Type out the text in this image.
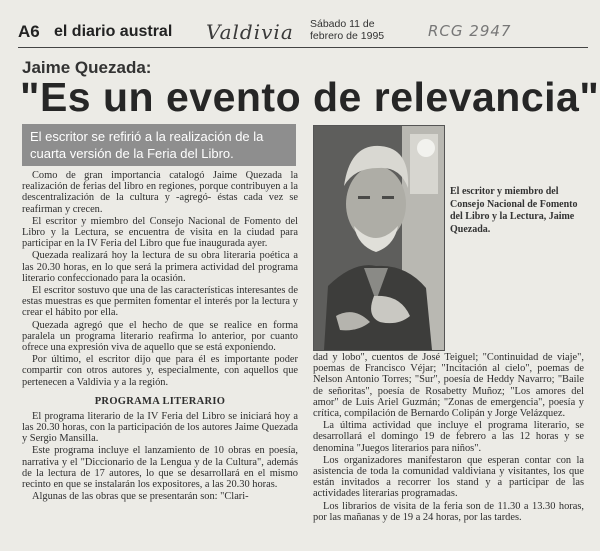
A6 el diario austral Valdivia Sábado 11 de
febrero de 1995	RCG 2947
Jaime Quezada:
"Es un evento de relevancia"
El escritor se refirió a la realización de la cuarta versión de la Feria del Libro.
El escritor y miembro del Consejo Nacional de Fomento del Libro y la Lectura, Jaime Quezada.

Como de gran importancia catalogó Jaime Quezada la realización de ferias del libro en regiones, porque contribuyen a la descentralización de la cultura y -agregó- éstas cada vez se reafirman y crecen.

El escritor y miembro del Consejo Nacional de Fomento del Libro y la Lectura, se encuentra de visita en la ciudad para participar en la IV Feria del Libro que fue inaugurada ayer.

Quezada realizará hoy la lectura de su obra literaria poética a las 20.30 horas, en lo que será la primera actividad del programa literario confeccionado para la ocasión.

El escritor sostuvo que una de las características interesantes de estas muestras es que permiten fomentar el interés por la lectura y crear el hábito por ella.

Quezada agregó que el hecho de que se realice en forma paralela un programa literario reafirma lo anterior, por cuanto ofrece una expresión viva de aquello que se está exponiendo.

Por último, el escritor dijo que para él es importante poder compartir con otros autores y, especialmente, con aquellos que pertenecen a Valdivia y a la región.

PROGRAMA LITERARIO

El programa literario de la IV Feria del Libro se iniciará hoy a las 20.30 horas, con la participación de los autores Jaime Quezada y Sergio Mansilla.

Este programa incluye el lanzamiento de 10 obras en poesía, narrativa y el "Diccionario de la Lengua y de la Cultura", además de la lectura de 17 autores, lo que se desarrollará en el mismo recinto en que se instalarán los expositores, a las 20.30 horas.

Algunas de las obras que se presentarán son: "Clari-

dad y lobo", cuentos de José Teiguel; "Continuidad de viaje", poemas de Francisco Véjar; "Incitación al cielo", poemas de Nelson Antonio Torres; "Sur", poesía de Heddy Navarro; "Baile de señoritas", poesía de Rosabetty Muñoz; "Los amores del amor" de Luis Ariel Guzmán; "Zonas de emergencia", poesía y crítica, compilación de Bernardo Colipán y Jorge Velázquez.

La última actividad que incluye el programa literario, se desarrollará el domingo 19 de febrero a las 12 horas y se denomina "Juegos literarios para niños".

Los organizadores manifestaron que esperan contar con la asistencia de toda la comunidad valdiviana y visitantes, los que están invitados a recorrer los stand y a participar de las actividades literarias programadas.

Los librarios de visita de la feria son de 11.30 a 13.30 horas, por las mañanas y de 19 a 24 horas, por las tardes.
